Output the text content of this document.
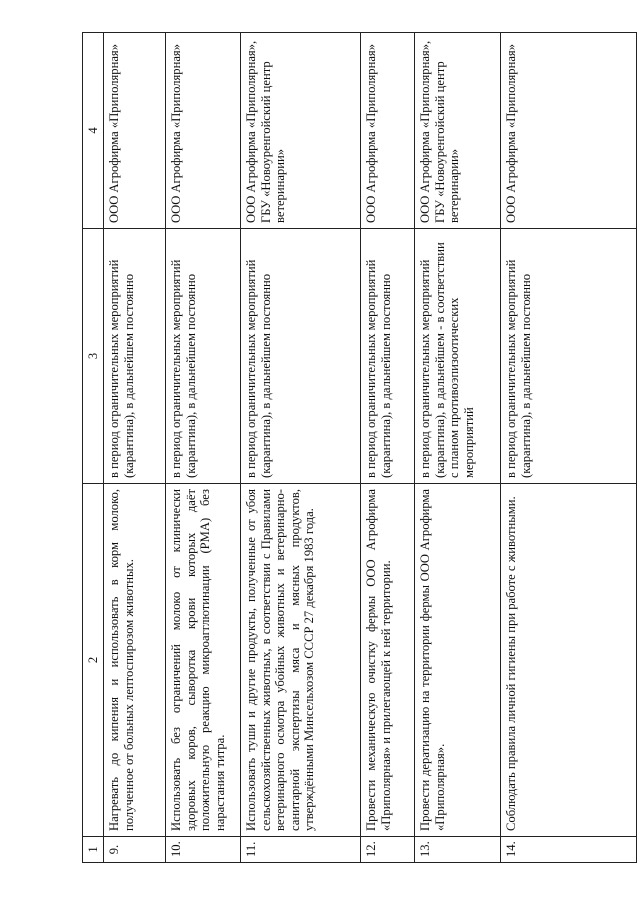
1	2	3	4
9.	Нагревать до кипения и использовать в корм молоко, полученное от больных лептоспирозом животных.	в период ограничительных мероприятий (карантина), в дальнейшем постоянно	ООО Агрофирма «Приполярная»
10.	Использовать без ограничений молоко от клинически здоровых коров, сыворотка крови которых даёт положительную реакцию микроагглютинации (РМА) без нарастания титра.	в период ограничительных мероприятий (карантина), в дальнейшем постоянно	ООО Агрофирма «Приполярная»
11.	Использовать туши и другие продукты, полученные от убоя сельскохозяйственных животных, в соответствии с Правилами ветеринарного осмотра убойных животных и ветеринарно-санитарной экспертизы мяса и мясных продуктов, утверждёнными Минсельхозом СССР 27 декабря 1983 года.	в период ограничительных мероприятий (карантина), в дальнейшем постоянно	ООО Агрофирма «Приполярная», ГБУ «Новоуренгойский центр ветеринарии»
12.	Провести механическую очистку фермы ООО Агрофирма «Приполярная» и прилегающей к ней территории.	в период ограничительных мероприятий (карантина), в дальнейшем постоянно	ООО Агрофирма «Приполярная»
13.	Провести дератизацию на территории фермы ООО Агрофирма «Приполярная».	в период ограничительных мероприятий (карантина), в дальнейшем - в соответствии с планом противоэпизоотических мероприятий	ООО Агрофирма «Приполярная», ГБУ «Новоуренгойский центр ветеринарии»
14.	Соблюдать правила личной гигиены при работе с животными.	в период ограничительных мероприятий (карантина), в дальнейшем постоянно	ООО Агрофирма «Приполярная»
